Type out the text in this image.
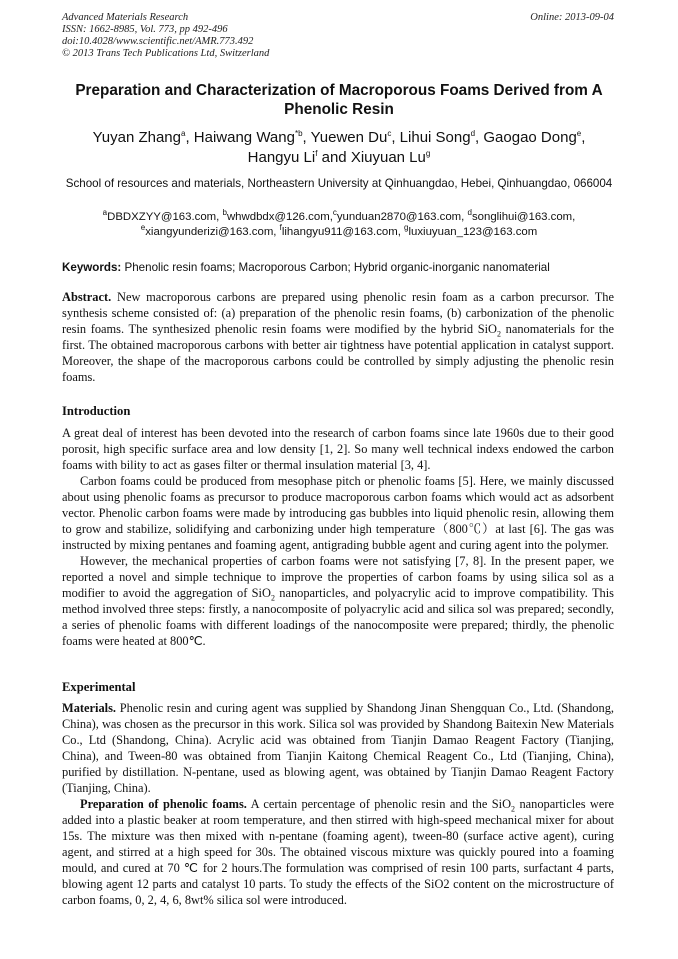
Advanced Materials Research
ISSN: 1662-8985, Vol. 773, pp 492-496
doi:10.4028/www.scientific.net/AMR.773.492
© 2013 Trans Tech Publications Ltd, Switzerland
Online: 2013-09-04
Preparation and Characterization of Macroporous Foams Derived from A Phenolic Resin
Yuyan Zhang$^a$, Haiwang Wang$^{*b}$, Yuewen Du$^c$, Lihui Song$^d$, Gaogao Dong$^e$,
Hangyu Li$^f$ and Xiuyuan Lu$^g$
School of resources and materials, Northeastern University at Qinhuangdao, Hebei, Qinhuangdao, 066004
$^a$DBDXZYY@163.com, $^b$whwdbdx@126.com,$^c$yunduan2870@163.com, $^d$songlihui@163.com,
$^e$xiangyunderizi@163.com, $^f$lihangyu911@163.com, $^g$luxiuyuan_123@163.com
Keywords: Phenolic resin foams; Macroporous Carbon; Hybrid organic-inorganic nanomaterial

Abstract. New macroporous carbons are prepared using phenolic resin foam as a carbon precursor. The synthesis scheme consisted of: (a) preparation of the phenolic resin foams, (b) carbonization of the phenolic resin foams. The synthesized phenolic resin foams were modified by the hybrid SiO$_2$ nanomaterials for the first. The obtained macroporous carbons with better air tightness have potential application in catalyst support. Moreover, the shape of the macroporous carbons could be controlled by simply adjusting the phenolic resin foams.

Introduction

A great deal of interest has been devoted into the research of carbon foams since late 1960s due to their good porosit, high specific surface area and low density [1, 2]. So many well technical indexs endowed the carbon foams with bility to act as gases filter or thermal insulation material [3, 4].

Carbon foams could be produced from mesophase pitch or phenolic foams [5]. Here, we mainly discussed about using phenolic foams as precursor to produce macroporous carbon foams which would act as adsorbent vector. Phenolic carbon foams were made by introducing gas bubbles into liquid phenolic resin, allowing them to grow and stabilize, solidifying and carbonizing under high temperature（800℃）at last [6]. The gas was instructed by mixing pentanes and foaming agent, antigrading bubble agent and curing agent into the polymer.

However, the mechanical properties of carbon foams were not satisfying [7, 8]. In the present paper, we reported a novel and simple technique to improve the properties of carbon foams by using silica sol as a modifier to avoid the aggregation of SiO$_2$ nanoparticles, and polyacrylic acid to improve compatibility. This method involved three steps: firstly, a nanocomposite of polyacrylic acid and silica sol was prepared; secondly, a series of phenolic foams with different loadings of the nanocomposite were prepared; thirdly, the phenolic foams were heated at 800℃.

Experimental

Materials. Phenolic resin and curing agent was supplied by Shandong Jinan Shengquan Co., Ltd. (Shandong, China), was chosen as the precursor in this work. Silica sol was provided by Shandong Baitexin New Materials Co., Ltd (Shandong, China). Acrylic acid was obtained from Tianjin Damao Reagent Factory (Tianjing, China), and Tween-80 was obtained from Tianjin Kaitong Chemical Reagent Co., Ltd (Tianjing, China), purified by distillation. N-pentane, used as blowing agent, was obtained by Tianjin Damao Reagent Factory (Tianjing, China).

Preparation of phenolic foams. A certain percentage of phenolic resin and the SiO$_2$ nanoparticles were added into a plastic beaker at room temperature, and then stirred with high-speed mechanical mixer for about 15s. The mixture was then mixed with n-pentane (foaming agent), tween-80 (surface active agent), curing agent, and stirred at a high speed for 30s. The obtained viscous mixture was quickly poured into a foaming mould, and cured at 70 ℃ for 2 hours.The formulation was comprised of resin 100 parts, surfactant 4 parts, blowing agent 12 parts and catalyst 10 parts. To study the effects of the SiO2 content on the microstructure of carbon foams, 0, 2, 4, 6, 8wt% silica sol were introduced.
